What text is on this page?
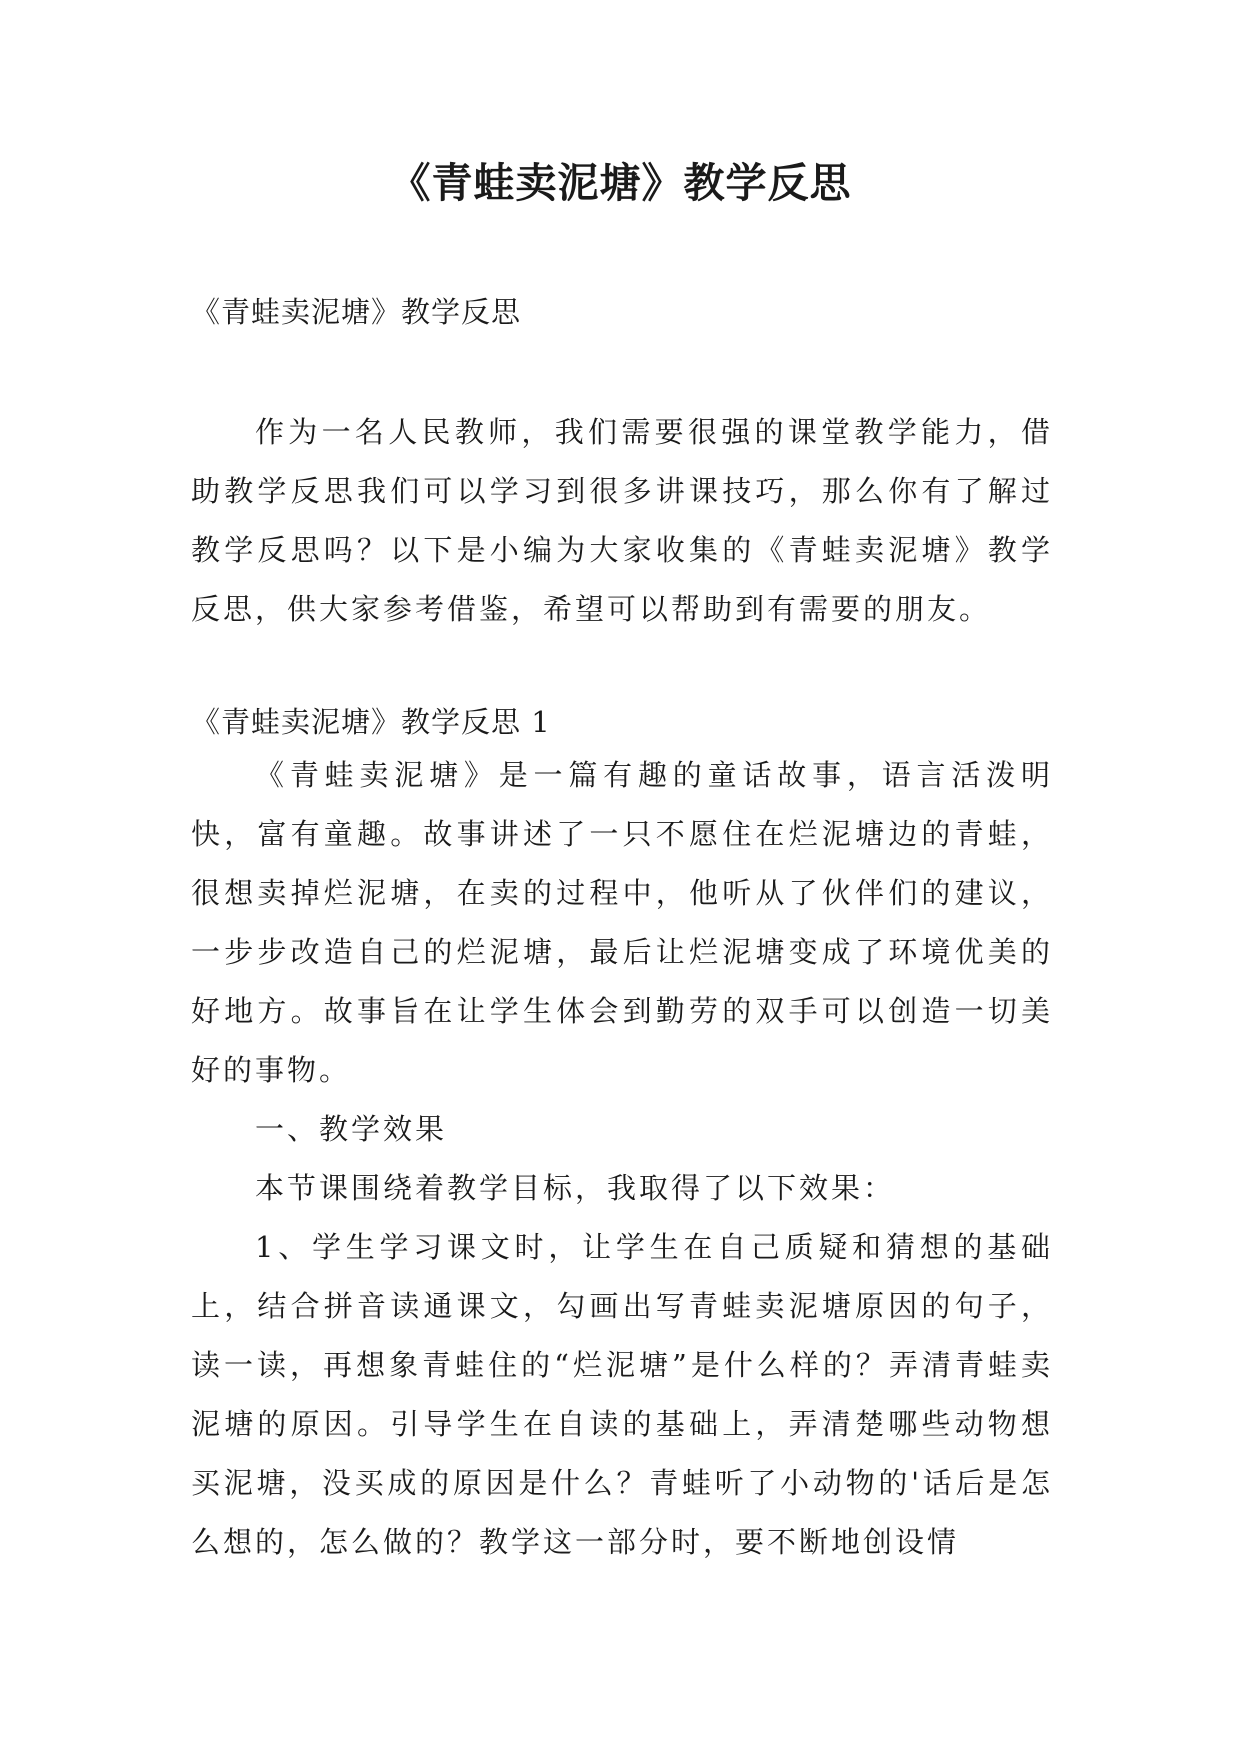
《青蛙卖泥塘》教学反思

《青蛙卖泥塘》教学反思

作为一名人民教师，我们需要很强的课堂教学能力，借助教学反思我们可以学习到很多讲课技巧，那么你有了解过教学反思吗？以下是小编为大家收集的《青蛙卖泥塘》教学反思，供大家参考借鉴，希望可以帮助到有需要的朋友。

《青蛙卖泥塘》教学反思 1

《青蛙卖泥塘》是一篇有趣的童话故事，语言活泼明快，富有童趣。故事讲述了一只不愿住在烂泥塘边的青蛙，很想卖掉烂泥塘，在卖的过程中，他听从了伙伴们的建议，一步步改造自己的烂泥塘，最后让烂泥塘变成了环境优美的好地方。故事旨在让学生体会到勤劳的双手可以创造一切美好的事物。

一、教学效果

本节课围绕着教学目标，我取得了以下效果：

1、学生学习课文时，让学生在自己质疑和猜想的基础上，结合拼音读通课文，勾画出写青蛙卖泥塘原因的句子，读一读，再想象青蛙住的“烂泥塘”是什么样的？弄清青蛙卖泥塘的原因。引导学生在自读的基础上，弄清楚哪些动物想买泥塘，没买成的原因是什么？青蛙听了小动物的'话后是怎么想的，怎么做的？教学这一部分时，要不断地创设情
